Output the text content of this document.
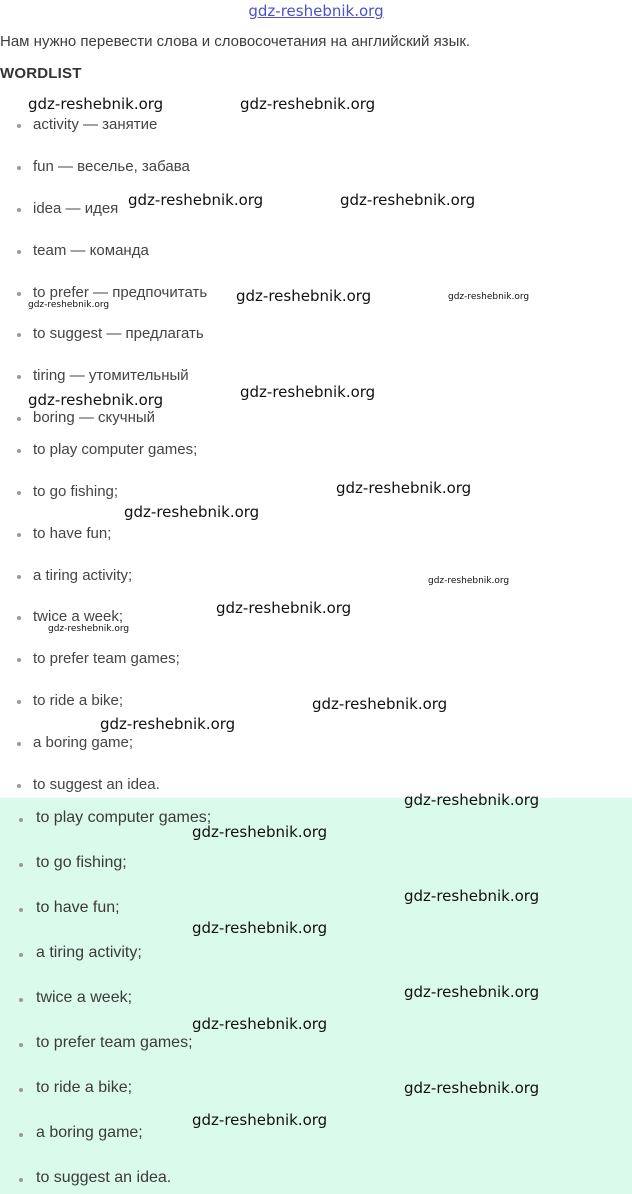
gdz-reshebnik.org
Нам нужно перевести слова и словосочетания на английский язык.
WORDLIST
activity — занятие
fun — веселье, забава
idea — идея
team — команда
to prefer — предпочитать
to suggest — предлагать
tiring — утомительный
boring — скучный
to play computer games;
to go fishing;
to have fun;
a tiring activity;
twice a week;
to prefer team games;
to ride a bike;
a boring game;
to suggest an idea.
to play computer games;
to go fishing;
to have fun;
a tiring activity;
twice a week;
to prefer team games;
to ride a bike;
a boring game;
to suggest an idea.
gdz-reshebnik.org	gdz-reshebnik.org
gdz-reshebnik.org	gdz-reshebnik.org
gdz-reshebnik.org	gdz-reshebnik.org
gdz-reshebnik.org
gdz-reshebnik.org
gdz-reshebnik.org
gdz-reshebnik.org
gdz-reshebnik.org
gdz-reshebnik.org
gdz-reshebnik.org
gdz-reshebnik.org
gdz-reshebnik.org
gdz-reshebnik.org
gdz-reshebnik.org
gdz-reshebnik.org
gdz-reshebnik.org
gdz-reshebnik.org
gdz-reshebnik.org
gdz-reshebnik.org
gdz-reshebnik.org
gdz-reshebnik.org
